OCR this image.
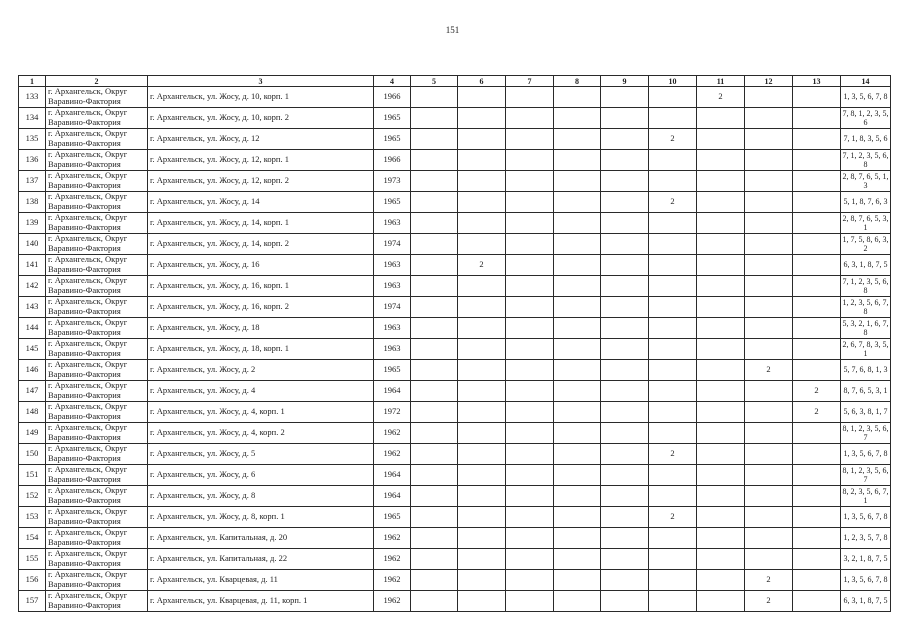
151
1	2	3	4	5	6	7	8	9	10	11	12	13	14
133	г. Архангельск, Округ Варавино-Фактория	г. Архангельск, ул. Жосу, д. 10, корп. 1	1966							2			1, 3, 5, 6, 7, 8
134	г. Архангельск, Округ Варавино-Фактория	г. Архангельск, ул. Жосу, д. 10, корп. 2	1965										7, 8, 1, 2, 3, 5, 6
135	г. Архангельск, Округ Варавино-Фактория	г. Архангельск, ул. Жосу, д. 12	1965						2				7, 1, 8, 3, 5, 6
136	г. Архангельск, Округ Варавино-Фактория	г. Архангельск, ул. Жосу, д. 12, корп. 1	1966										7, 1, 2, 3, 5, 6, 8
137	г. Архангельск, Округ Варавино-Фактория	г. Архангельск, ул. Жосу, д. 12, корп. 2	1973										2, 8, 7, 6, 5, 1, 3
138	г. Архангельск, Округ Варавино-Фактория	г. Архангельск, ул. Жосу, д. 14	1965						2				5, 1, 8, 7, 6, 3
139	г. Архангельск, Округ Варавино-Фактория	г. Архангельск, ул. Жосу, д. 14, корп. 1	1963										2, 8, 7, 6, 5, 3, 1
140	г. Архангельск, Округ Варавино-Фактория	г. Архангельск, ул. Жосу, д. 14, корп. 2	1974										1, 7, 5, 8, 6, 3, 2
141	г. Архангельск, Округ Варавино-Фактория	г. Архангельск, ул. Жосу, д. 16	1963		2								6, 3, 1, 8, 7, 5
142	г. Архангельск, Округ Варавино-Фактория	г. Архангельск, ул. Жосу, д. 16, корп. 1	1963										7, 1, 2, 3, 5, 6, 8
143	г. Архангельск, Округ Варавино-Фактория	г. Архангельск, ул. Жосу, д. 16, корп. 2	1974										1, 2, 3, 5, 6, 7, 8
144	г. Архангельск, Округ Варавино-Фактория	г. Архангельск, ул. Жосу, д. 18	1963										5, 3, 2, 1, 6, 7, 8
145	г. Архангельск, Округ Варавино-Фактория	г. Архангельск, ул. Жосу, д. 18, корп. 1	1963										2, 6, 7, 8, 3, 5, 1
146	г. Архангельск, Округ Варавино-Фактория	г. Архангельск, ул. Жосу, д. 2	1965								2		5, 7, 6, 8, 1, 3
147	г. Архангельск, Округ Варавино-Фактория	г. Архангельск, ул. Жосу, д. 4	1964									2	8, 7, 6, 5, 3, 1
148	г. Архангельск, Округ Варавино-Фактория	г. Архангельск, ул. Жосу, д. 4, корп. 1	1972									2	5, 6, 3, 8, 1, 7
149	г. Архангельск, Округ Варавино-Фактория	г. Архангельск, ул. Жосу, д. 4, корп. 2	1962										8, 1, 2, 3, 5, 6, 7
150	г. Архангельск, Округ Варавино-Фактория	г. Архангельск, ул. Жосу, д. 5	1962						2				1, 3, 5, 6, 7, 8
151	г. Архангельск, Округ Варавино-Фактория	г. Архангельск, ул. Жосу, д. 6	1964										8, 1, 2, 3, 5, 6, 7
152	г. Архангельск, Округ Варавино-Фактория	г. Архангельск, ул. Жосу, д. 8	1964										8, 2, 3, 5, 6, 7, 1
153	г. Архангельск, Округ Варавино-Фактория	г. Архангельск, ул. Жосу, д. 8, корп. 1	1965						2				1, 3, 5, 6, 7, 8
154	г. Архангельск, Округ Варавино-Фактория	г. Архангельск, ул. Капитальная, д. 20	1962										1, 2, 3, 5, 7, 8
155	г. Архангельск, Округ Варавино-Фактория	г. Архангельск, ул. Капитальная, д. 22	1962										3, 2, 1, 8, 7, 5
156	г. Архангельск, Округ Варавино-Фактория	г. Архангельск, ул. Кварцевая, д. 11	1962								2		1, 3, 5, 6, 7, 8
157	г. Архангельск, Округ Варавино-Фактория	г. Архангельск, ул. Кварцевая, д. 11, корп. 1	1962								2		6, 3, 1, 8, 7, 5
